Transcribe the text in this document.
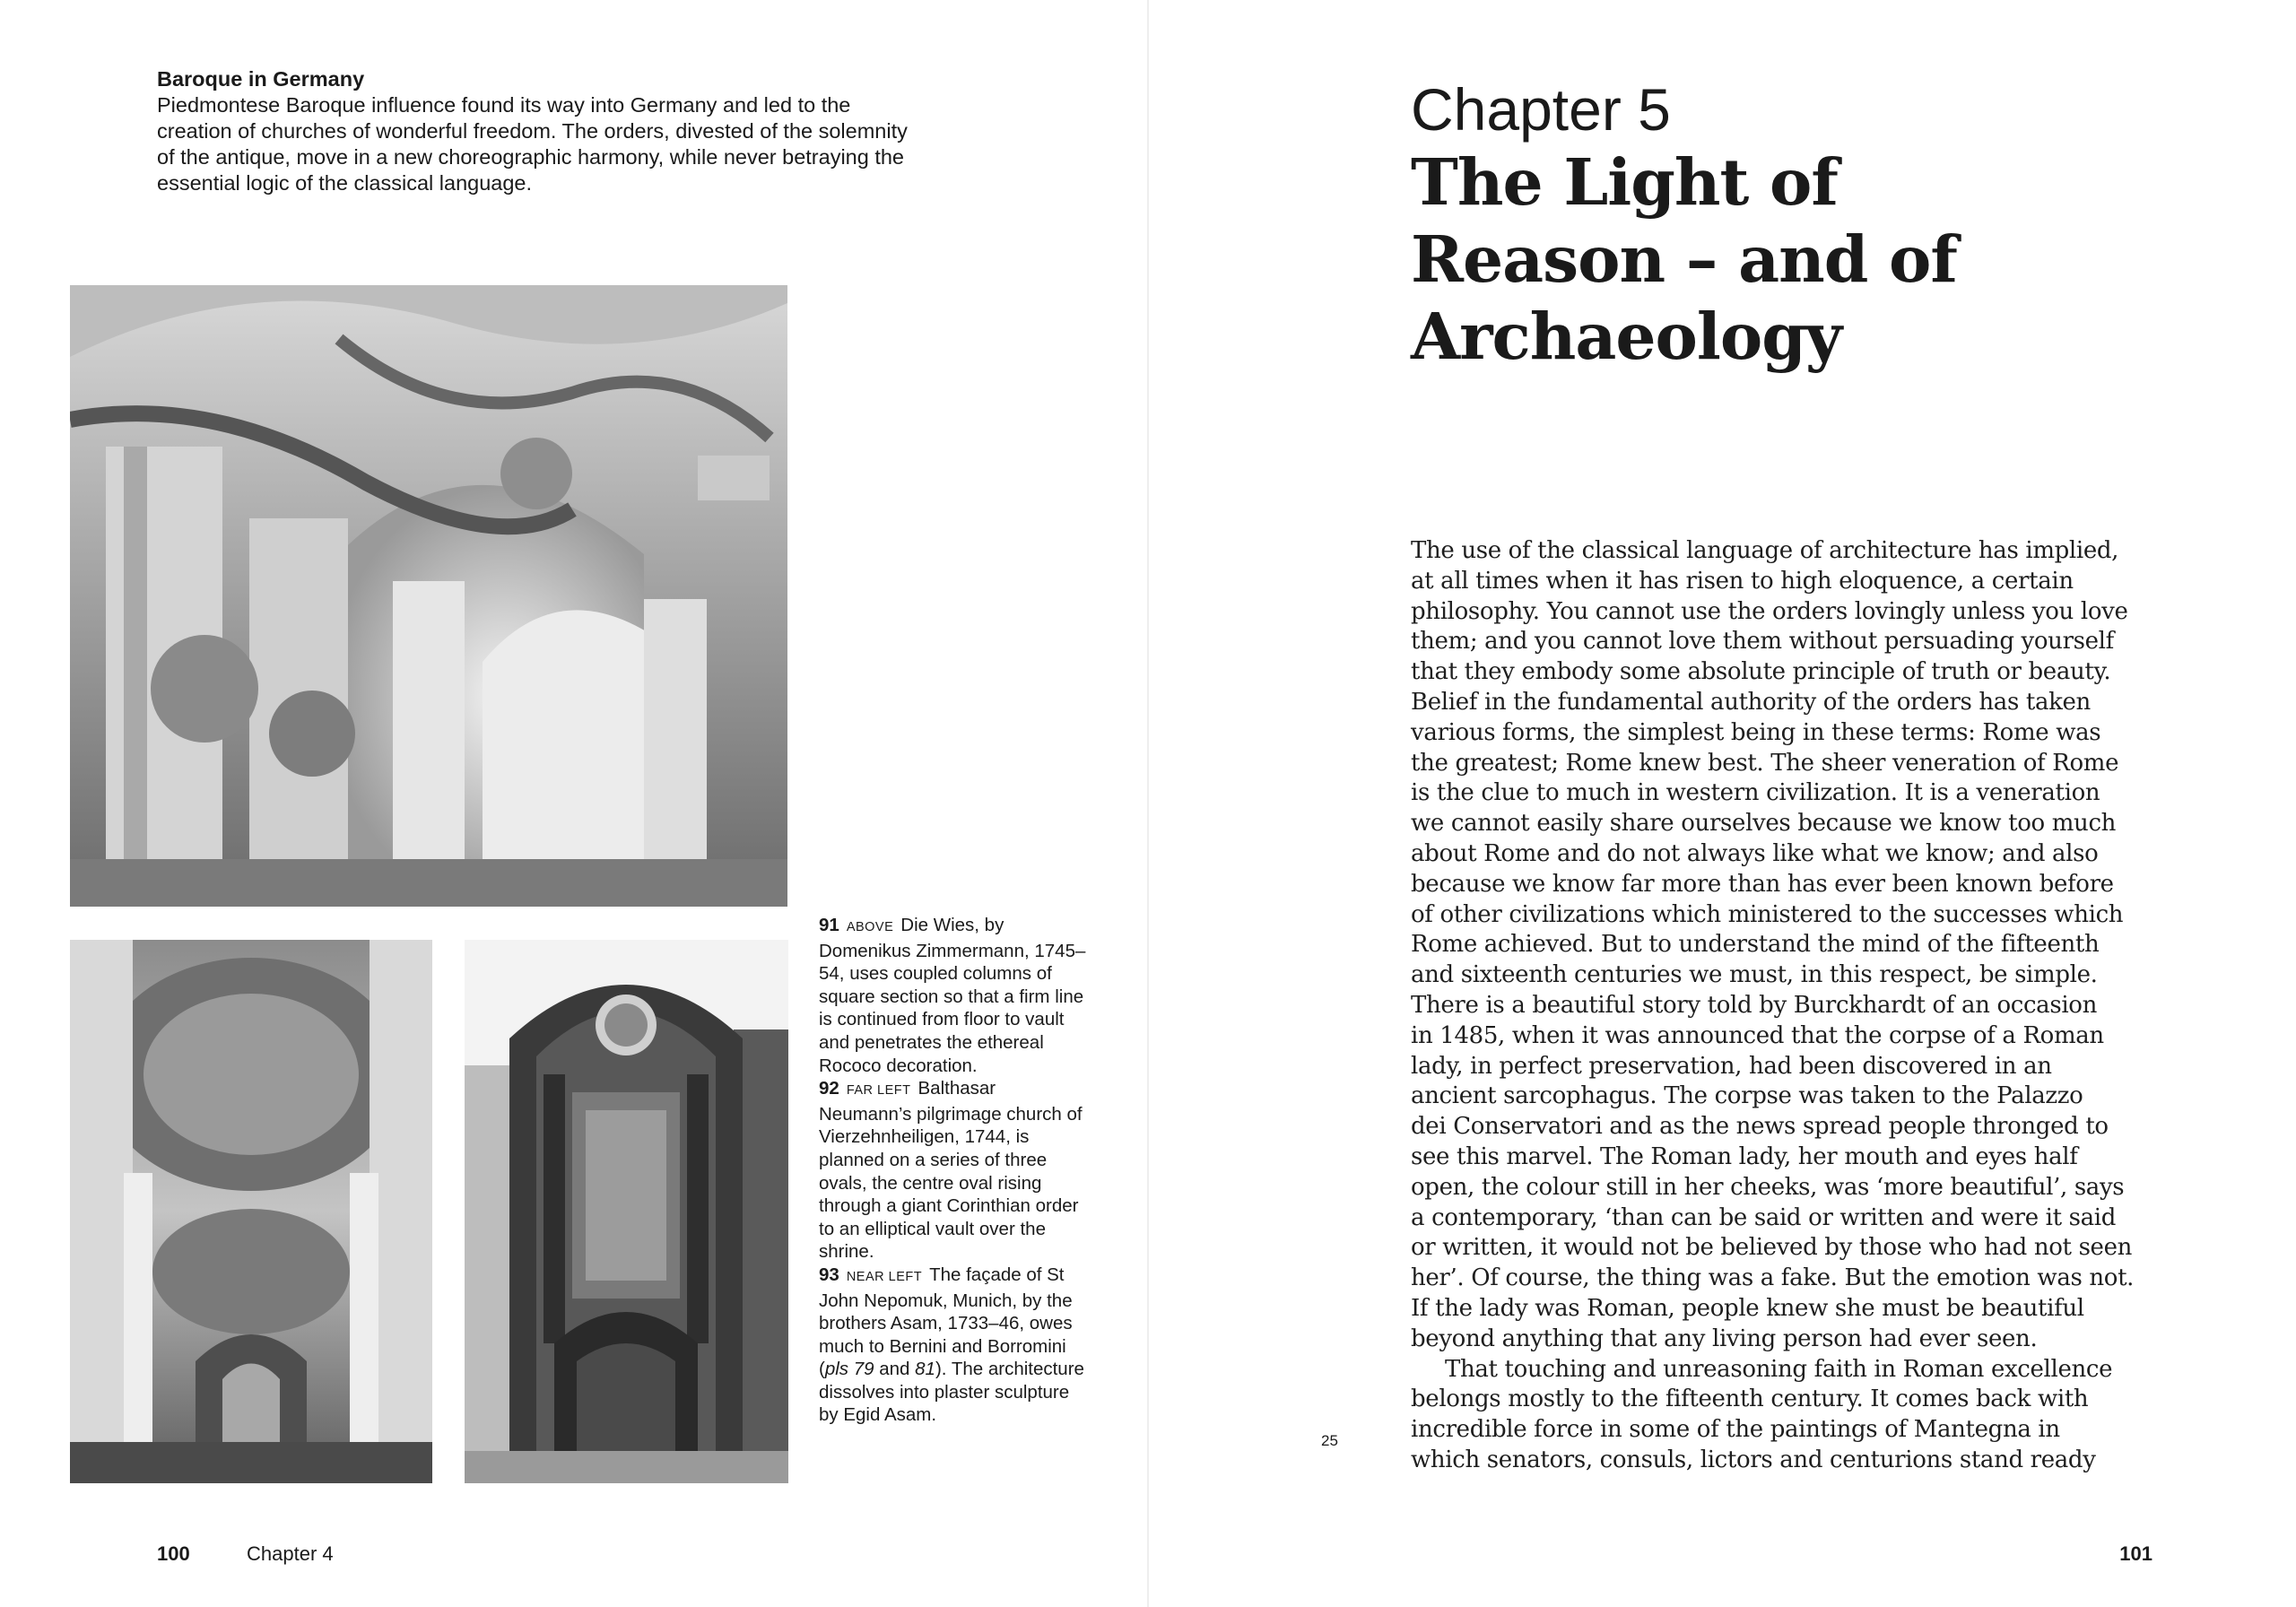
Baroque in Germany
Piedmontese Baroque influence found its way into Germany and led to the creation of churches of wonderful freedom. The orders, divested of the solemnity of the antique, move in a new choreographic harmony, while never betraying the essential logic of the classical language.
91 ABOVE Die Wies, by Domenikus Zimmermann, 1745–54, uses coupled columns of square section so that a firm line is continued from floor to vault and penetrates the ethereal Rococo decoration.
92 FAR LEFT Balthasar Neumann’s pilgrimage church of Vierzehnheiligen, 1744, is planned on a series of three ovals, the centre oval rising through a giant Corinthian order to an elliptical vault over the shrine.
93 NEAR LEFT The façade of St John Nepomuk, Munich, by the brothers Asam, 1733–46, owes much to Bernini and Borromini (pls 79 and 81). The architecture dissolves into plaster sculpture by Egid Asam.
100	Chapter 4
25
Chapter 5
The Light of
Reason – and of
Archaeology
The use of the classical language of architecture has implied,
at all times when it has risen to high eloquence, a certain
philosophy. You cannot use the orders lovingly unless you love
them; and you cannot love them without persuading yourself
that they embody some absolute principle of truth or beauty.
Belief in the fundamental authority of the orders has taken
various forms, the simplest being in these terms: Rome was
the greatest; Rome knew best. The sheer veneration of Rome
is the clue to much in western civilization. It is a veneration
we cannot easily share ourselves because we know too much
about Rome and do not always like what we know; and also
because we know far more than has ever been known before
of other civilizations which ministered to the successes which
Rome achieved. But to understand the mind of the fifteenth
and sixteenth centuries we must, in this respect, be simple.
There is a beautiful story told by Burckhardt of an occasion
in 1485, when it was announced that the corpse of a Roman
lady, in perfect preservation, had been discovered in an
ancient sarcophagus. The corpse was taken to the Palazzo
dei Conservatori and as the news spread people thronged to
see this marvel. The Roman lady, her mouth and eyes half
open, the colour still in her cheeks, was ‘more beautiful’, says
a contemporary, ‘than can be said or written and were it said
or written, it would not be believed by those who had not seen
her’. Of course, the thing was a fake. But the emotion was not.
If the lady was Roman, people knew she must be beautiful
beyond anything that any living person had ever seen.
That touching and unreasoning faith in Roman excellence
belongs mostly to the fifteenth century. It comes back with
incredible force in some of the paintings of Mantegna in
which senators, consuls, lictors and centurions stand ready
101
